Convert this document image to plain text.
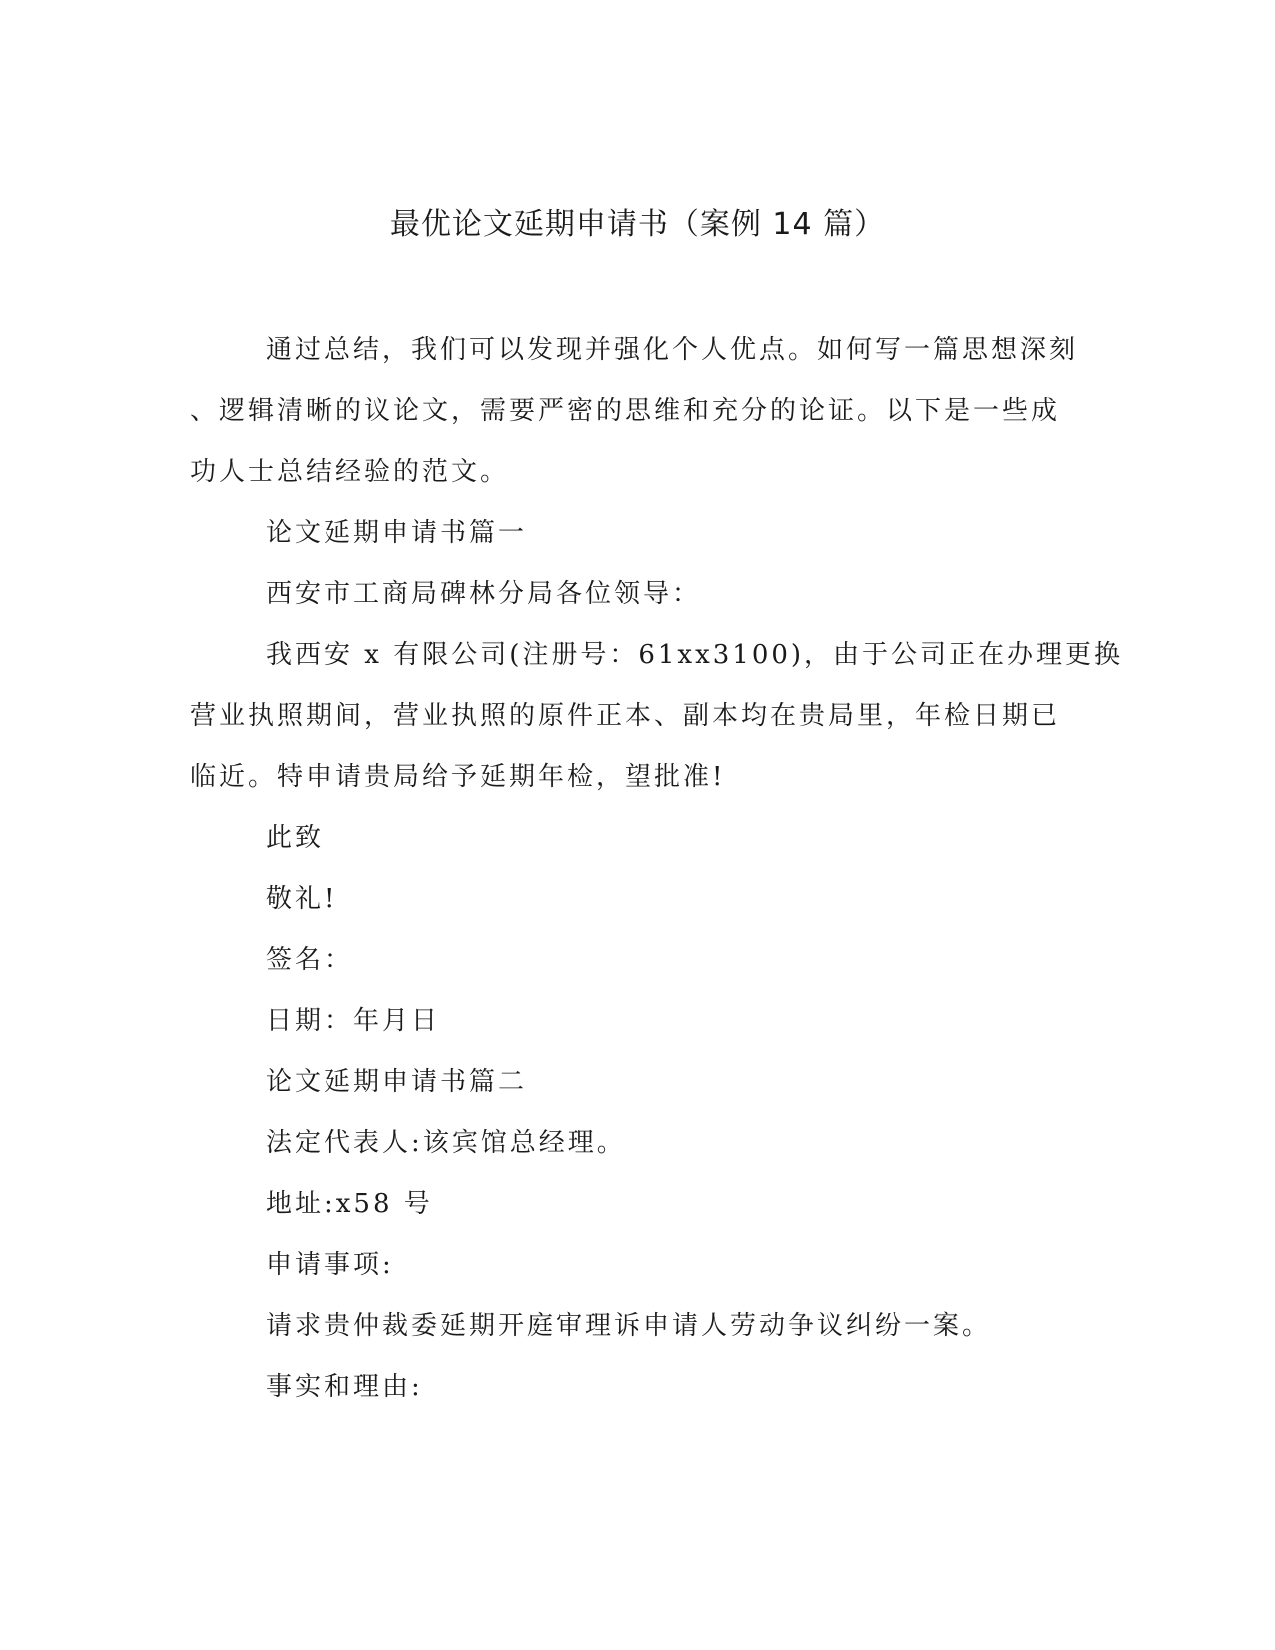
最优论文延期申请书（案例 14 篇）

通过总结，我们可以发现并强化个人优点。如何写一篇思想深刻
、逻辑清晰的议论文，需要严密的思维和充分的论证。以下是一些成
功人士总结经验的范文。

论文延期申请书篇一

西安市工商局碑林分局各位领导：

我西安 x 有限公司(注册号：61xx3100)，由于公司正在办理更换
营业执照期间，营业执照的原件正本、副本均在贵局里，年检日期已
临近。特申请贵局给予延期年检，望批准!

此致

敬礼!

签名：

日期：年月日

论文延期申请书篇二

法定代表人:该宾馆总经理。

地址:x58 号

申请事项:

请求贵仲裁委延期开庭审理诉申请人劳动争议纠纷一案。

事实和理由:
